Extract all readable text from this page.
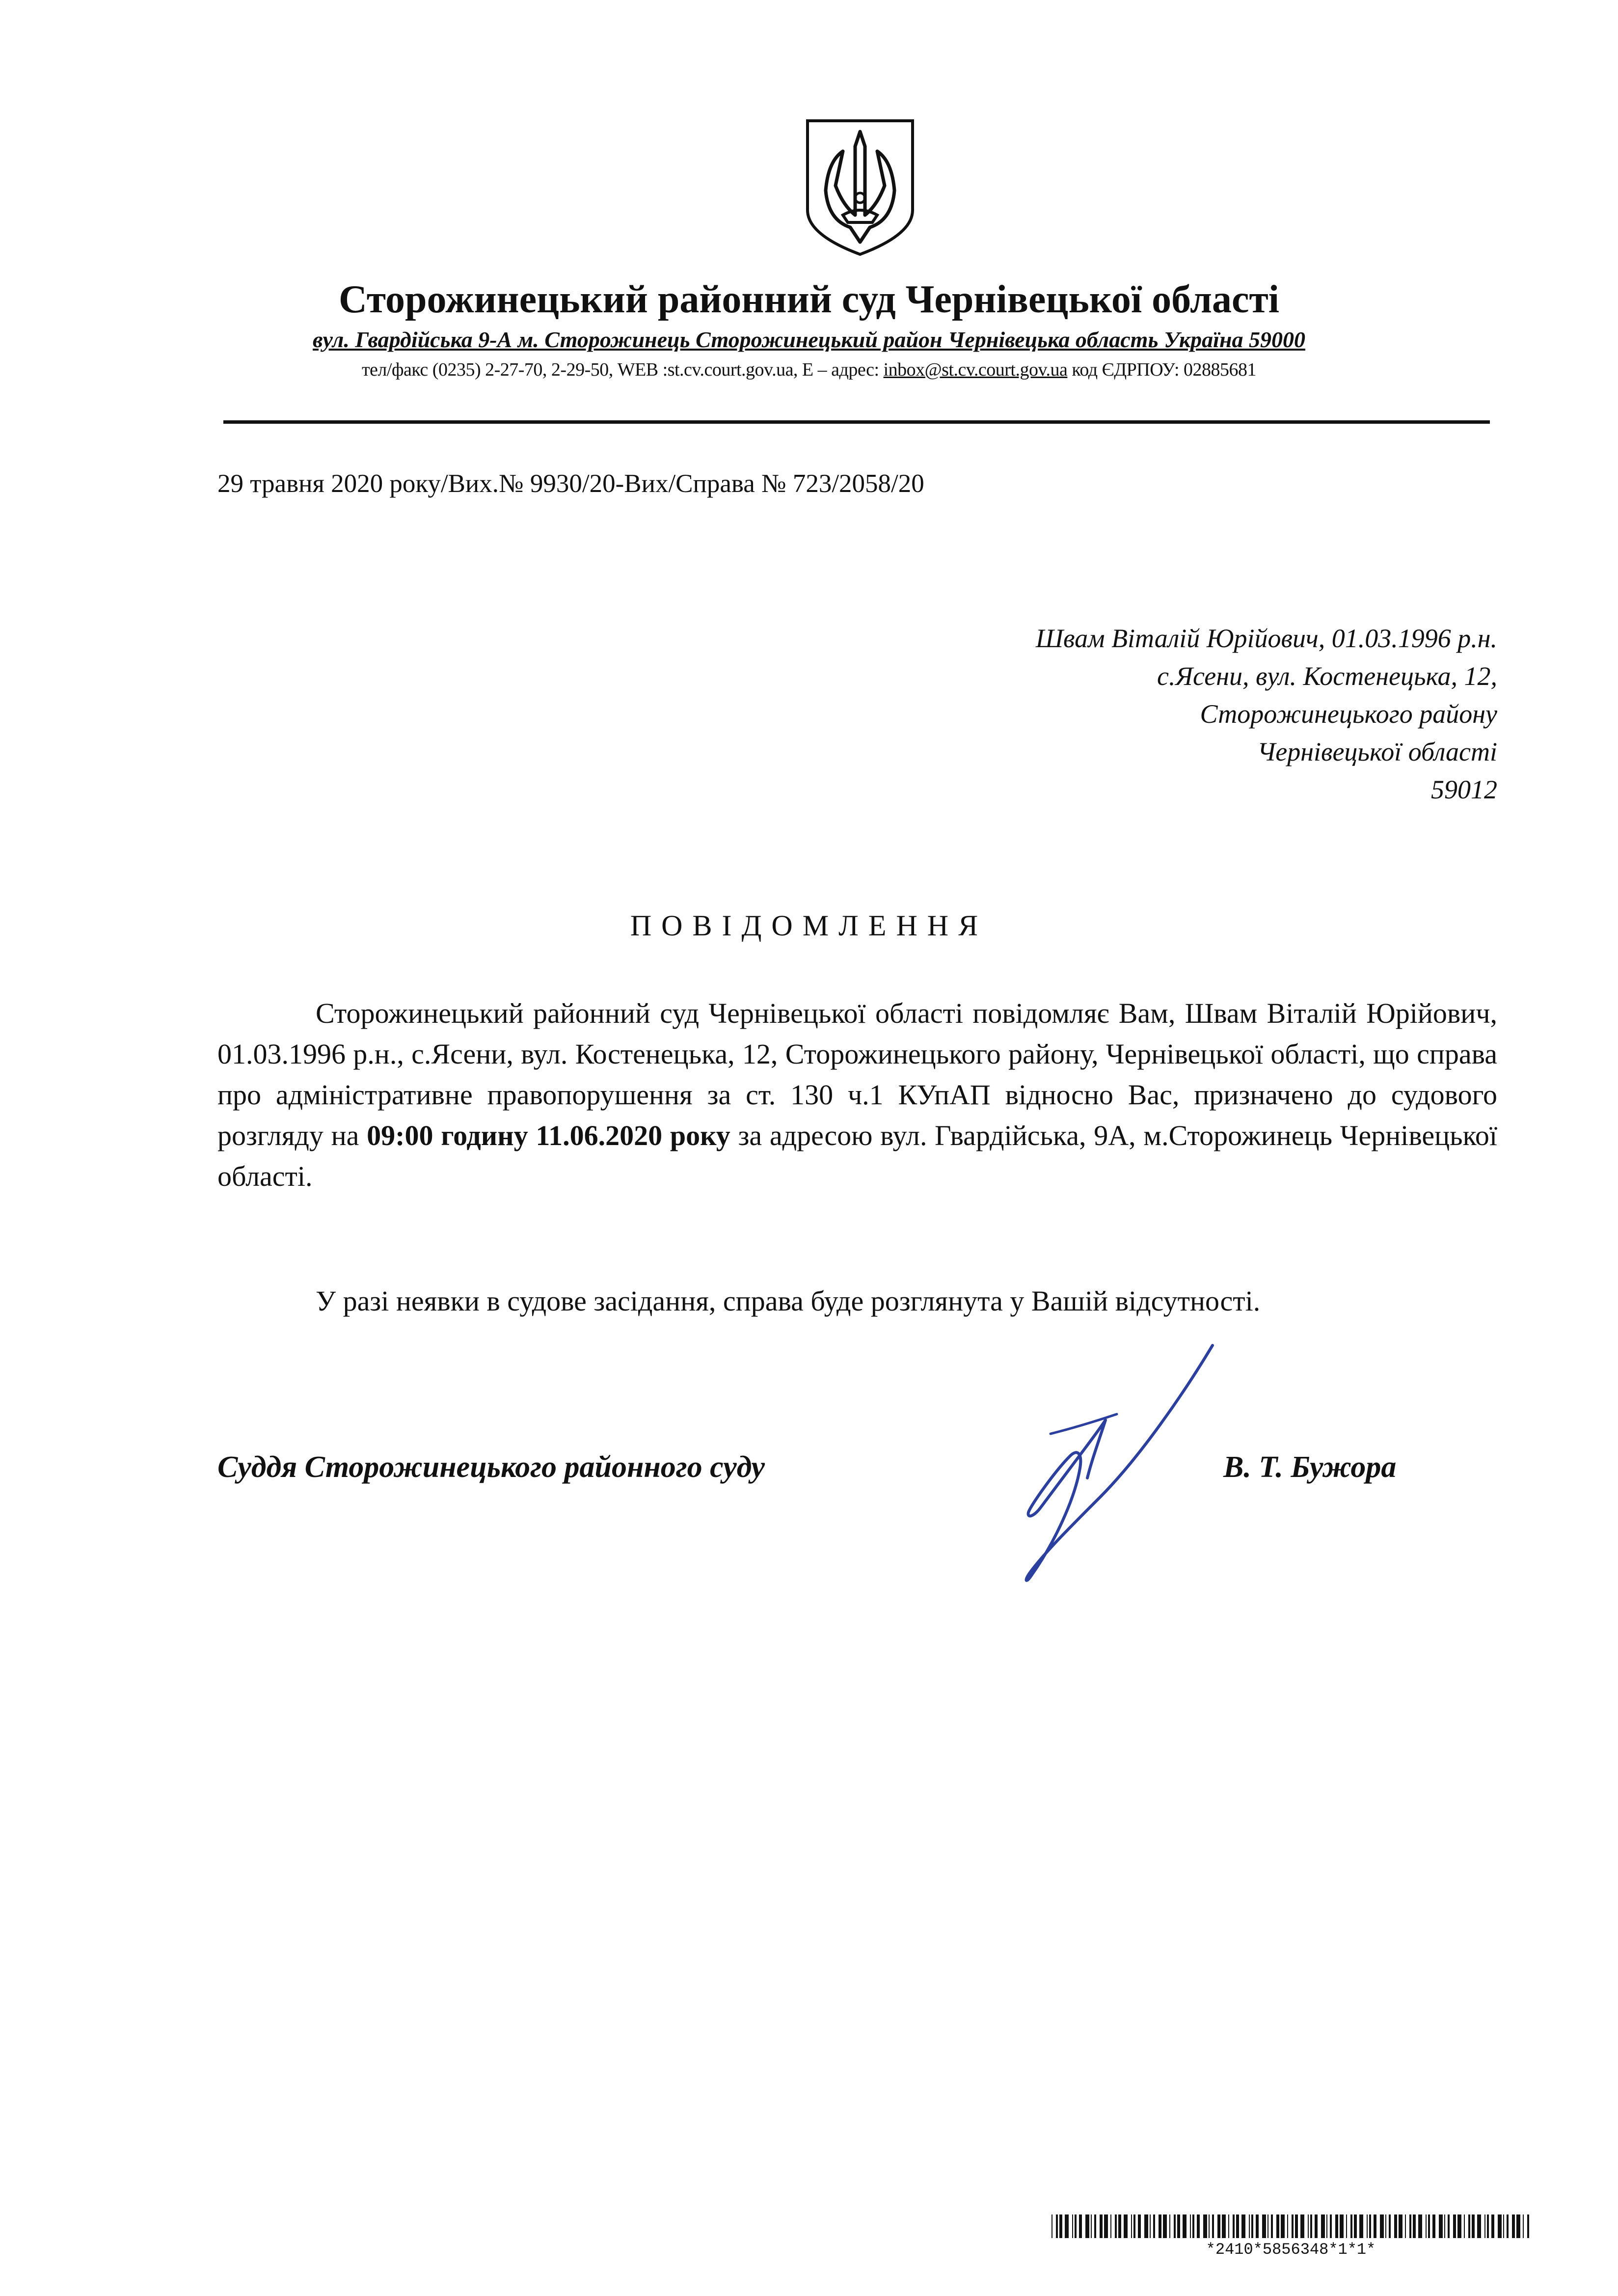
Сторожинецький районний суд Чернівецької області
вул. Гвардійська 9-А м. Сторожинець Сторожинецький район Чернівецька область Україна 59000
тел/факс (0235) 2-27-70, 2-29-50, WEB :st.cv.court.gov.ua, E – адрес: inbox@st.cv.court.gov.ua код ЄДРПОУ: 02885681
29 травня 2020 року/Вих.№ 9930/20-Вих/Справа № 723/2058/20
Швам Віталій Юрійович, 01.03.1996 р.н.
с.Ясени, вул. Костенецька, 12,
Сторожинецького району
Чернівецької області
59012
ПОВІДОМЛЕННЯ

Сторожинецький районний суд Чернівецької області повідомляє Вам, Швам Віталій Юрійович, 01.03.1996 р.н., с.Ясени, вул. Костенецька, 12, Сторожинецького району, Чернівецької області, що справа про адміністративне правопорушення за ст. 130 ч.1 КУпАП відносно Вас, призначено до судового розгляду на 09:00 годину 11.06.2020 року за адресою вул. Гвардійська, 9А, м.Сторожинець Чернівецької області.

У разі неявки в судове засідання, справа буде розглянута у Вашій відсутності.

Суддя Сторожинецького районного суду	В. Т. Бужора
*2410*5856348*1*1*
